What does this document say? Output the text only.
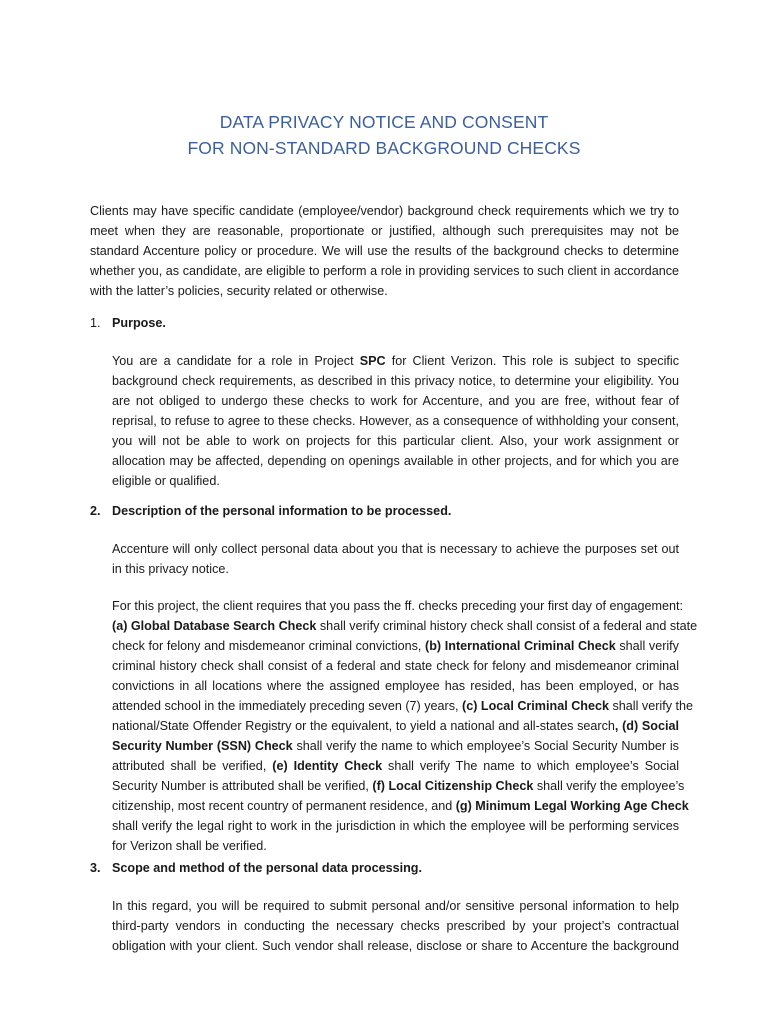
DATA PRIVACY NOTICE AND CONSENT
FOR NON-STANDARD BACKGROUND CHECKS
Clients may have specific candidate (employee/vendor) background check requirements which we try to
meet when they are reasonable, proportionate or justified, although such prerequisites may not be
standard Accenture policy or procedure. We will use the results of the background checks to determine
whether you, as candidate, are eligible to perform a role in providing services to such client in accordance
with the latter’s policies, security related or otherwise.
1. Purpose.
You are a candidate for a role in Project SPC for Client Verizon. This role is subject to specific
background check requirements, as described in this privacy notice, to determine your eligibility. You
are not obliged to undergo these checks to work for Accenture, and you are free, without fear of
reprisal, to refuse to agree to these checks. However, as a consequence of withholding your consent,
you will not be able to work on projects for this particular client. Also, your work assignment or
allocation may be affected, depending on openings available in other projects, and for which you are
eligible or qualified.
2. Description of the personal information to be processed.
Accenture will only collect personal data about you that is necessary to achieve the purposes set out
in this privacy notice.
For this project, the client requires that you pass the ff. checks preceding your first day of engagement:
(a) Global Database Search Check shall verify criminal history check shall consist of a federal and state
check for felony and misdemeanor criminal convictions, (b) International Criminal Check shall verify
criminal history check shall consist of a federal and state check for felony and misdemeanor criminal
convictions in all locations where the assigned employee has resided, has been employed, or has
attended school in the immediately preceding seven (7) years, (c) Local Criminal Check shall verify the
national/State Offender Registry or the equivalent, to yield a national and all-states search, (d) Social
Security Number (SSN) Check shall verify the name to which employee’s Social Security Number is
attributed shall be verified, (e) Identity Check shall verify The name to which employee’s Social
Security Number is attributed shall be verified, (f) Local Citizenship Check shall verify the employee’s
citizenship, most recent country of permanent residence, and (g) Minimum Legal Working Age Check
shall verify the legal right to work in the jurisdiction in which the employee will be performing services
for Verizon shall be verified.
3. Scope and method of the personal data processing.
In this regard, you will be required to submit personal and/or sensitive personal information to help
third-party vendors in conducting the necessary checks prescribed by your project’s contractual
obligation with your client. Such vendor shall release, disclose or share to Accenture the background
